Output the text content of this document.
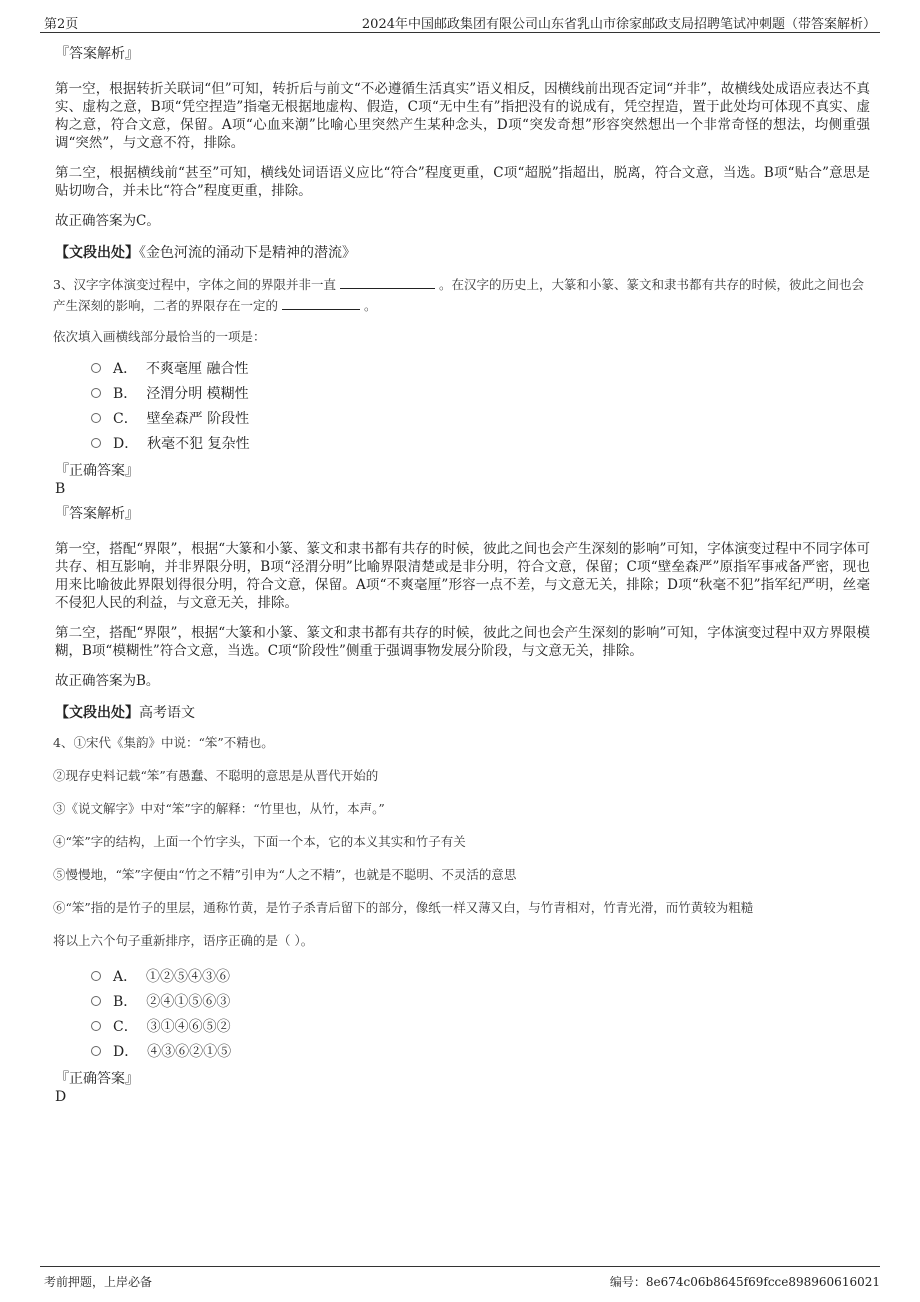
第2页	2024年中国邮政集团有限公司山东省乳山市徐家邮政支局招聘笔试冲刺题（带答案解析）
『答案解析』

第一空，根据转折关联词“但”可知，转折后与前文“不必遵循生活真实”语义相反，因横线前出现否定词“并非”，故横线处成语应表达不真实、虚构之意，B项“凭空捏造”指毫无根据地虚构、假造，C项“无中生有”指把没有的说成有，凭空捏造，置于此处均可体现不真实、虚构之意，符合文意，保留。A项“心血来潮”比喻心里突然产生某种念头，D项“突发奇想”形容突然想出一个非常奇怪的想法，均侧重强调“突然”，与文意不符，排除。

第二空，根据横线前“甚至”可知，横线处词语语义应比“符合”程度更重，C项“超脱”指超出，脱离，符合文意，当选。B项“贴合”意思是贴切吻合，并未比“符合”程度更重，排除。

故正确答案为C。

【文段出处】《金色河流的涌动下是精神的潜流》
3、汉字字体演变过程中，字体之间的界限并非一直	。在汉字的历史上，大篆和小篆、篆文和隶书都有共存的时候，彼此之间也会产生深刻的影响，二者的界限存在一定的	。
依次填入画横线部分最恰当的一项是：
A． 不爽毫厘 融合性
B． 泾渭分明 模糊性
C． 壁垒森严 阶段性
D． 秋毫不犯 复杂性
『正确答案』
B
『答案解析』

第一空，搭配“界限”，根据“大篆和小篆、篆文和隶书都有共存的时候，彼此之间也会产生深刻的影响”可知，字体演变过程中不同字体可共存、相互影响，并非界限分明，B项“泾渭分明”比喻界限清楚或是非分明，符合文意，保留；C项“壁垒森严”原指军事戒备严密，现也用来比喻彼此界限划得很分明，符合文意，保留。A项“不爽毫厘”形容一点不差，与文意无关，排除；D项“秋毫不犯”指军纪严明，丝毫不侵犯人民的利益，与文意无关，排除。

第二空，搭配“界限”，根据“大篆和小篆、篆文和隶书都有共存的时候，彼此之间也会产生深刻的影响”可知，字体演变过程中双方界限模糊，B项“模糊性”符合文意，当选。C项“阶段性”侧重于强调事物发展分阶段，与文意无关，排除。

故正确答案为B。

【文段出处】高考语文
4、①宋代《集韵》中说：“笨”不精也。
②现存史料记载“笨”有愚蠢、不聪明的意思是从晋代开始的
③《说文解字》中对“笨”字的解释：“竹里也，从竹，本声。”
④“笨”字的结构，上面一个竹字头，下面一个本，它的本义其实和竹子有关
⑤慢慢地，“笨”字便由“竹之不精”引申为“人之不精”，也就是不聪明、不灵活的意思
⑥“笨”指的是竹子的里层，通称竹黄，是竹子杀青后留下的部分，像纸一样又薄又白，与竹青相对，竹青光滑，而竹黄较为粗糙
将以上六个句子重新排序，语序正确的是（ ）。
A． ①②⑤④③⑥
B． ②④①⑤⑥③
C． ③①④⑥⑤②
D． ④③⑥②①⑤
『正确答案』
D
考前押题，上岸必备	编号：8e674c06b8645f69fcce898960616021
